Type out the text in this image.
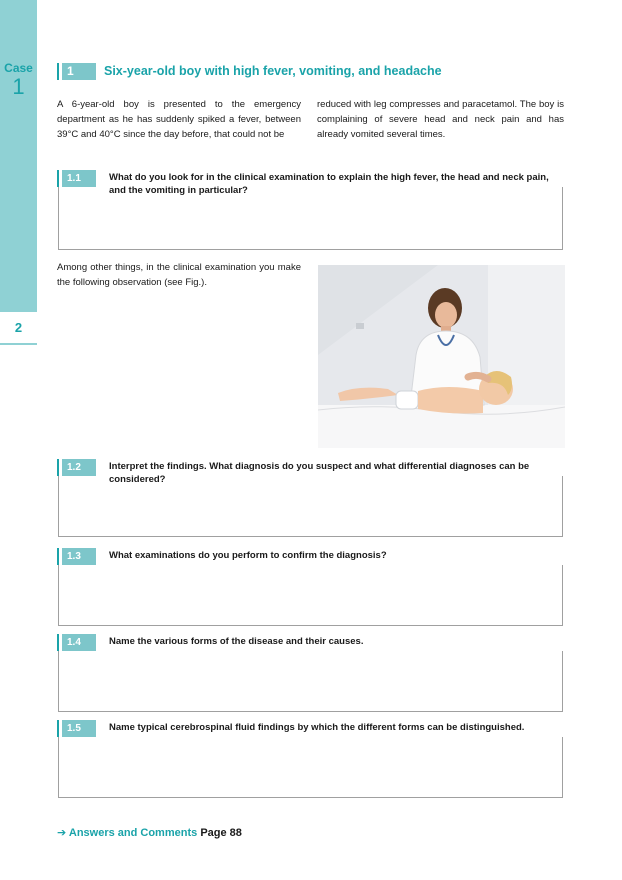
Case
1
2
1	Six-year-old boy with high fever, vomiting, and headache
A 6-year-old boy is presented to the emergency department as he has suddenly spiked a fever, between 39°C and 40°C since the day before, that could not be
reduced with leg compresses and paracetamol. The boy is complaining of severe head and neck pain and has already vomited several times.
1.1	What do you look for in the clinical examination to explain the high fever, the head and neck pain, and the vomiting in particular?
Among other things, in the clinical examination you make the following observation (see Fig.).
1.2	Interpret the findings. What diagnosis do you suspect and what differential diagnoses can be considered?
1.3	What examinations do you perform to confirm the diagnosis?
1.4	Name the various forms of the disease and their causes.
1.5	Name typical cerebrospinal fluid findings by which the different forms can be distinguished.
➔ Answers and Comments Page 88
